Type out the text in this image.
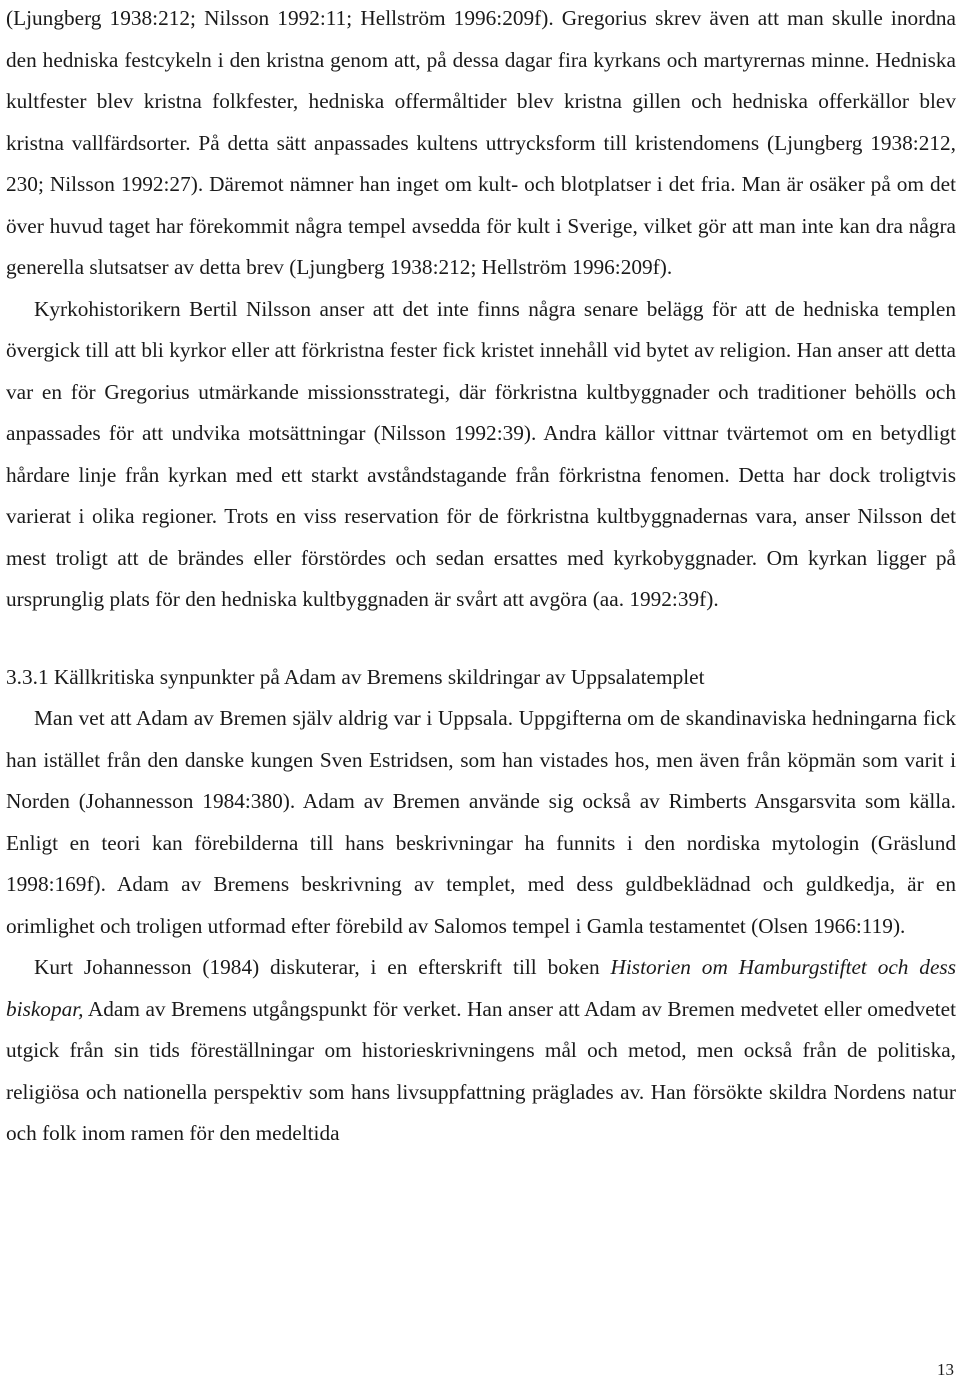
(Ljungberg 1938:212; Nilsson 1992:11; Hellström 1996:209f). Gregorius skrev även att man skulle inordna den hedniska festcykeln i den kristna genom att, på dessa dagar fira kyrkans och martyrernas minne. Hedniska kultfester blev kristna folkfester, hedniska offermåltider blev kristna gillen och hedniska offerkällor blev kristna vallfärdsorter. På detta sätt anpassades kultens uttrycksform till kristendomens (Ljungberg 1938:212, 230; Nilsson 1992:27). Däremot nämner han inget om kult- och blotplatser i det fria. Man är osäker på om det över huvud taget har förekommit några tempel avsedda för kult i Sverige, vilket gör att man inte kan dra några generella slutsatser av detta brev (Ljungberg 1938:212; Hellström 1996:209f).

Kyrkohistorikern Bertil Nilsson anser att det inte finns några senare belägg för att de hedniska templen övergick till att bli kyrkor eller att förkristna fester fick kristet innehåll vid bytet av religion. Han anser att detta var en för Gregorius utmärkande missionsstrategi, där förkristna kultbyggnader och traditioner behölls och anpassades för att undvika motsättningar (Nilsson 1992:39). Andra källor vittnar tvärtemot om en betydligt hårdare linje från kyrkan med ett starkt avståndstagande från förkristna fenomen. Detta har dock troligtvis varierat i olika regioner. Trots en viss reservation för de förkristna kultbyggnadernas vara, anser Nilsson det mest troligt att de brändes eller förstördes och sedan ersattes med kyrkobyggnader. Om kyrkan ligger på ursprunglig plats för den hedniska kultbyggnaden är svårt att avgöra (aa. 1992:39f).

3.3.1 Källkritiska synpunkter på Adam av Bremens skildringar av Uppsalatemplet

Man vet att Adam av Bremen själv aldrig var i Uppsala. Uppgifterna om de skandinaviska hedningarna fick han istället från den danske kungen Sven Estridsen, som han vistades hos, men även från köpmän som varit i Norden (Johannesson 1984:380). Adam av Bremen använde sig också av Rimberts Ansgarsvita som källa. Enligt en teori kan förebilderna till hans beskrivningar ha funnits i den nordiska mytologin (Gräslund 1998:169f). Adam av Bremens beskrivning av templet, med dess guldbeklädnad och guldkedja, är en orimlighet och troligen utformad efter förebild av Salomos tempel i Gamla testamentet (Olsen 1966:119).

Kurt Johannesson (1984) diskuterar, i en efterskrift till boken Historien om Hamburgstiftet och dess biskopar, Adam av Bremens utgångspunkt för verket. Han anser att Adam av Bremen medvetet eller omedvetet utgick från sin tids föreställningar om historieskrivningens mål och metod, men också från de politiska, religiösa och nationella perspektiv som hans livsuppfattning präglades av. Han försökte skildra Nordens natur och folk inom ramen för den medeltida

13
